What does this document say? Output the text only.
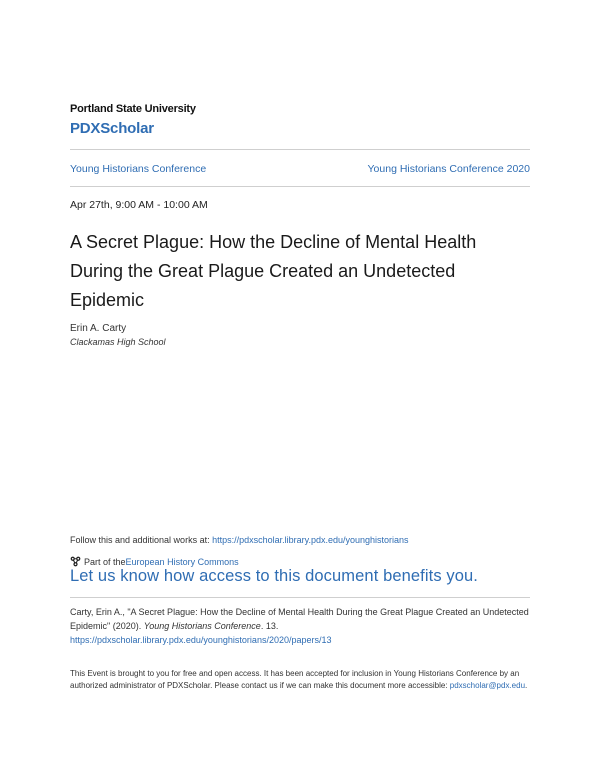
Portland State University
PDXScholar
Young Historians Conference	Young Historians Conference 2020
Apr 27th, 9:00 AM - 10:00 AM
A Secret Plague: How the Decline of Mental Health During the Great Plague Created an Undetected Epidemic
Erin A. Carty
Clackamas High School
Follow this and additional works at: https://pdxscholar.library.pdx.edu/younghistorians
Part of the European History Commons
Let us know how access to this document benefits you.
Carty, Erin A., "A Secret Plague: How the Decline of Mental Health During the Great Plague Created an Undetected Epidemic" (2020). Young Historians Conference. 13.
https://pdxscholar.library.pdx.edu/younghistorians/2020/papers/13
This Event is brought to you for free and open access. It has been accepted for inclusion in Young Historians Conference by an authorized administrator of PDXScholar. Please contact us if we can make this document more accessible: pdxscholar@pdx.edu.
